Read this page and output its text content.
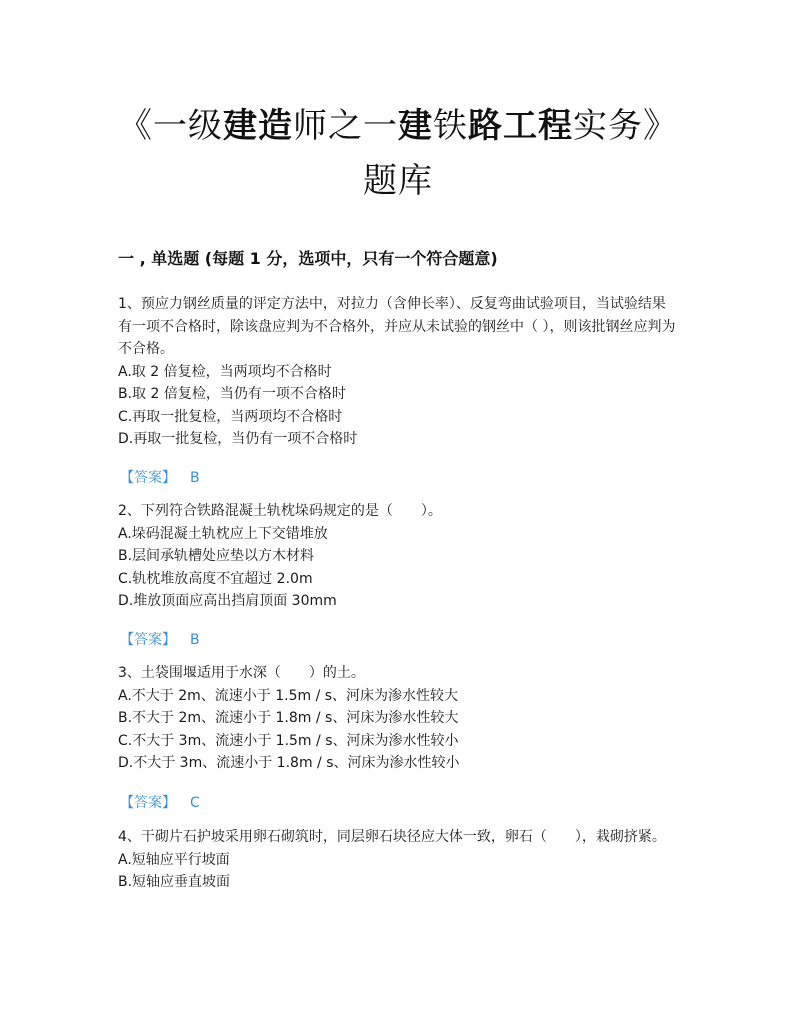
《一级建造师之一建铁路工程实务》
题库
一 , 单选题 (每题 1 分，选项中，只有一个符合题意)

1、预应力钢丝质量的评定方法中，对拉力（含伸长率）、反复弯曲试验项目，当试验结果有一项不合格时，除该盘应判为不合格外，并应从未试验的钢丝中（ ），则该批钢丝应判为不合格。

A.取 2 倍复检，当两项均不合格时

B.取 2 倍复检，当仍有一项不合格时

C.再取一批复检，当两项均不合格时

D.再取一批复检，当仍有一项不合格时

【答案】 B

2、下列符合铁路混凝土轨枕垛码规定的是（　　）。

A.垛码混凝土轨枕应上下交错堆放

B.层间承轨槽处应垫以方木材料

C.轨枕堆放高度不宜超过 2.0m

D.堆放顶面应高出挡肩顶面 30mm

【答案】 B

3、土袋围堰适用于水深（　　）的土。

A.不大于 2m、流速小于 1.5m / s、河床为渗水性较大

B.不大于 2m、流速小于 1.8m / s、河床为渗水性较大

C.不大于 3m、流速小于 1.5m / s、河床为渗水性较小

D.不大于 3m、流速小于 1.8m / s、河床为渗水性较小

【答案】 C

4、干砌片石护坡采用卵石砌筑时，同层卵石块径应大体一致，卵石（　　），栽砌挤紧。

A.短轴应平行坡面

B.短轴应垂直坡面
